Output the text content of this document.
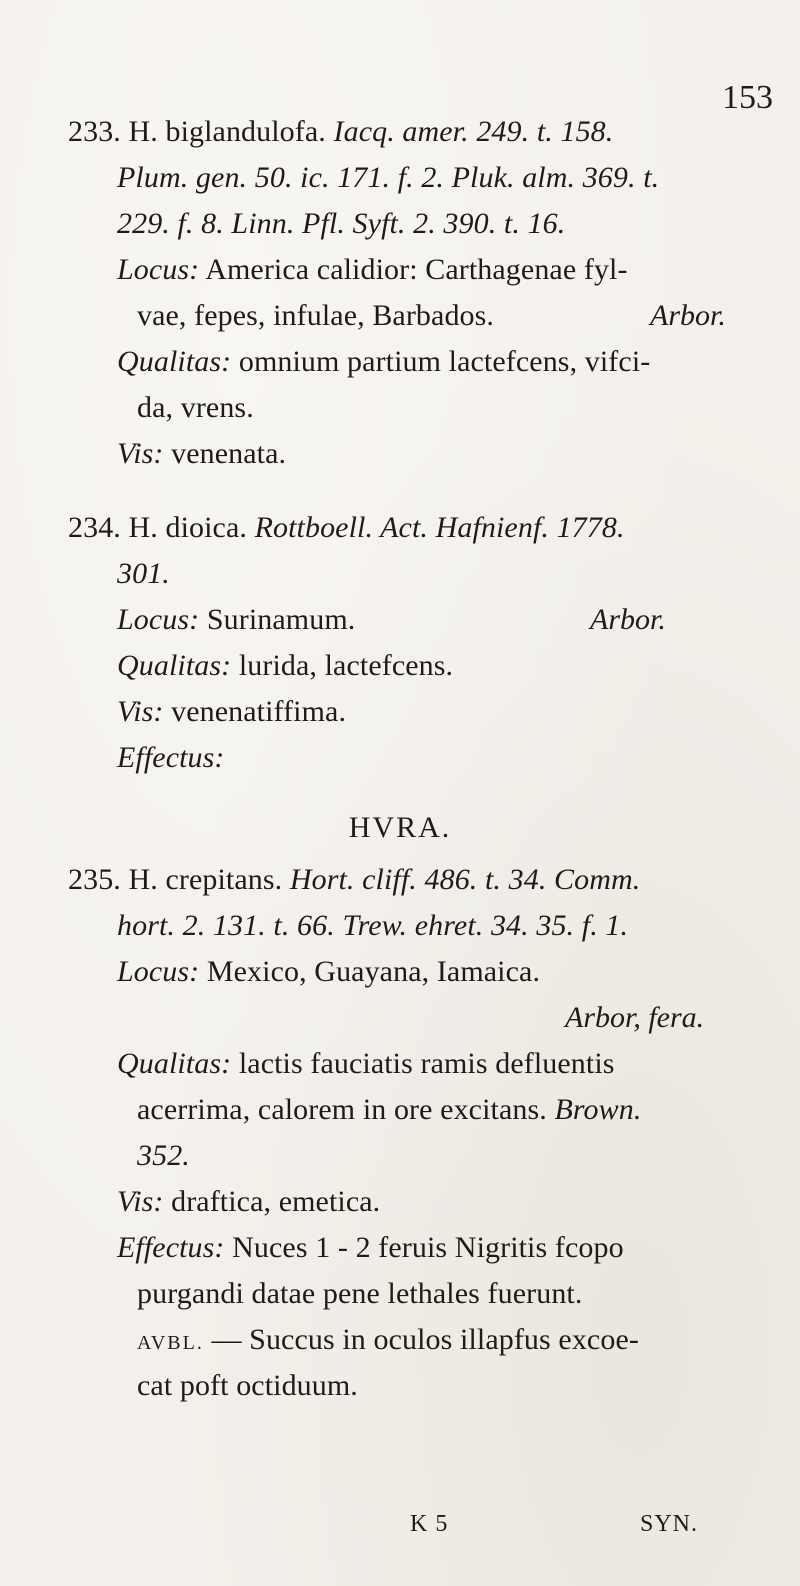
153
233. H. biglandulofa. Iacq. amer. 249. t. 158.
Plum. gen. 50. ic. 171. f. 2. Pluk. alm. 369. t.
229. f. 8. Linn. Pfl. Syft. 2. 390. t. 16.
Locus: America calidior: Carthagenae fyl-
vae, fepes, infulae, Barbados.	Arbor.
Qualitas: omnium partium lactefcens, vifci-
da, vrens.
Vis: venenata.
234. H. dioica. Rottboell. Act. Hafnienf. 1778.
301.
Locus: Surinamum.	Arbor.
Qualitas: lurida, lactefcens.
Vis: venenatiffima.
Effectus:
HVRA.
235. H. crepitans. Hort. cliff. 486. t. 34. Comm.
hort. 2. 131. t. 66. Trew. ehret. 34. 35. f. 1.
Locus: Mexico, Guayana, Iamaica.
Arbor, fera.
Qualitas: lactis fauciatis ramis defluentis
acerrima, calorem in ore excitans. Brown.
352.
Vis: draftica, emetica.
Effectus: Nuces 1 - 2 feruis Nigritis fcopo
purgandi datae pene lethales fuerunt.
AVBL. — Succus in oculos illapfus excoe-
cat poft octiduum.
K 5	SYN.
